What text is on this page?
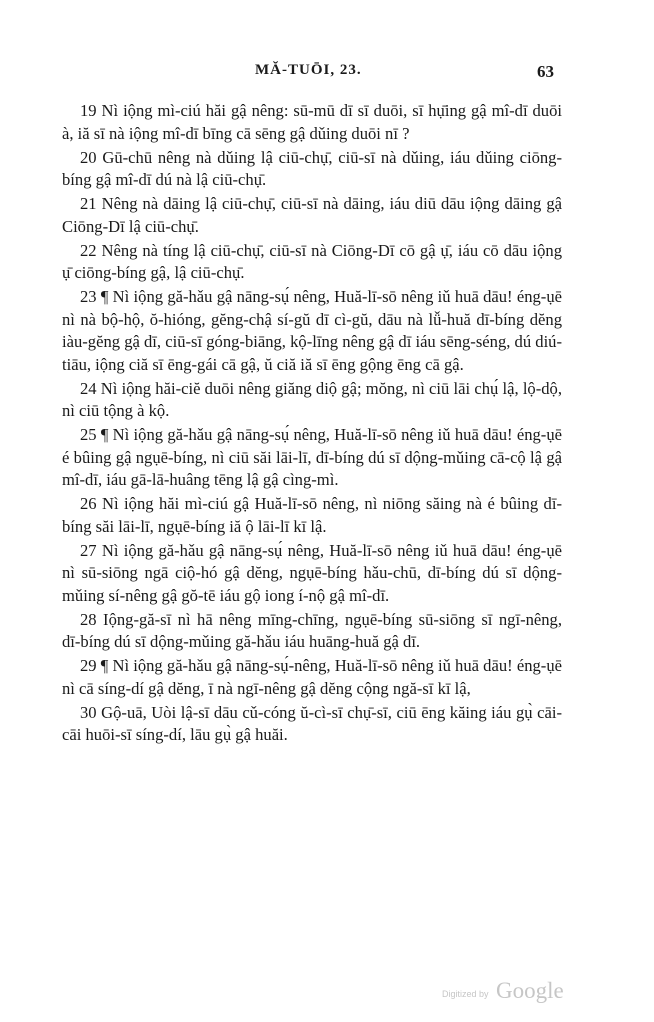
MĂ-TUŌI, 23.	63

19 Nì iộng mì-ciú hăi gậ nêng: sū-mū dī sī duōi, sī hụ̄ing gậ mî-dī duōi à, iă sī nà iộng mî-dī bīng cā sēng gậ dǔing duōi nī ?

20 Gū-chū nêng nà dǔing lậ ciū-chụ̄, ciū-sī nà dǔing, iáu dǔing ciōng-bíng gậ mî-dī dú nà lậ ciū-chụ̄.

21 Nêng nà dāing lậ ciū-chụ̄, ciū-sī nà dāing, iáu diū dāu iộng dāing gậ Ciōng-Dī lậ ciū-chụ̄.

22 Nêng nà tíng lậ ciū-chụ̄, ciū-sī nà Ciōng-Dī cō gậ ụ̄, iáu cō dāu iộng ụ̄ ciōng-bíng gậ, lậ ciū-chụ̄.

23 ¶ Nì iộng gă-hǎu gậ nāng-sụ́ nêng, Huă-lī-sō nêng iǔ huā dāu! éng-ụē nì nà bộ-hộ, ŏ-hióng, gĕng-chậ sí-gŭ dī cì-gŭ, dāu nà lǚ-huă dī-bíng dĕng iàu-gĕng gậ dī, ciū-sī góng-biāng, kộ-līng nêng gậ dī iáu sēng-séng, dú diú-tiāu, iộng ciă sī ēng-gái cā gậ, ŭ ciă iă sī ēng gộng ēng cā gậ.

24 Nì iộng hăi-ciĕ duōi nêng giăng diộ gậ; mŏng, nì ciū lāi chụ́ lậ, lộ-dộ, nì ciū tộng à kộ.

25 ¶ Nì iộng gă-hǎu gậ nāng-sụ́ nêng, Huă-lī-sō nêng iǔ huā dāu! éng-ụē é bûing gậ ngụē-bíng, nì ciū săi lāi-lī, dī-bíng dú sī dộng-mǔing cā-cộ lậ gậ mî-dī, iáu gā-lā-huâng tēng lậ gậ cìng-mì.

26 Nì iộng hăi mì-ciú gậ Huă-lī-sō nêng, nì niōng săing nà é bûing dī-bíng săi lāi-lī, ngụē-bíng iă ộ lāi-lī kī lậ.

27 Nì iộng gă-hǎu gậ nāng-sụ́ nêng, Huă-lī-sō nêng iǔ huā dāu! éng-ụē nì sū-siōng ngā ciộ-hó gậ dĕng, ngụē-bíng hǎu-chū, dī-bíng dú sī dộng-mǔing sí-nêng gậ gŏ-tē iáu gộ iong í-nộ gậ mî-dī.

28 Iộng-gă-sī nì hā nêng mīng-chīng, ngụē-bíng sū-siōng sī ngī-nêng, dī-bíng dú sī dộng-mǔing gă-hǎu iáu huāng-huă gậ dī.

29 ¶ Nì iộng gă-hǎu gậ nāng-sụ́-nêng, Huă-lī-sō nêng iǔ huā dāu! éng-ụē nì cā síng-dí gậ dĕng, ī nà ngī-nêng gậ dĕng cộng ngă-sī kī lậ,

30 Gộ-uā, Uòi lậ-sī dāu cǔ-cóng ŭ-cì-sī chụ̄-sī, ciū ēng kăing iáu gụ̀ cāi-cāi huōi-sī síng-dí, lāu gụ̀ gậ huăi.

Digitized by Google
